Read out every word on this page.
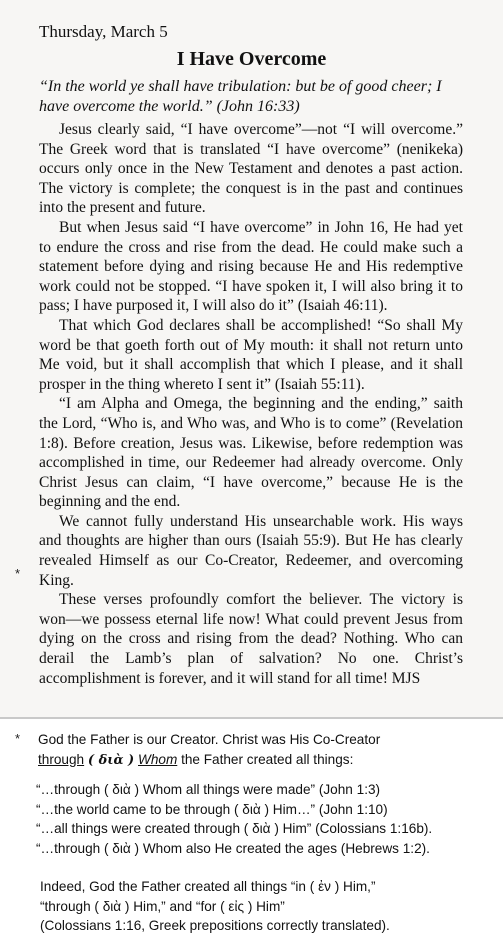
Thursday, March 5
I Have Overcome
“In the world ye shall have tribulation: but be of good cheer; I have overcome the world.” (John 16:33)

Jesus clearly said, “I have overcome”—not “I will overcome.” The Greek word that is translated “I have overcome” (nenikeka) occurs only once in the New Testament and denotes a past action. The victory is complete; the conquest is in the past and continues into the present and future.

But when Jesus said “I have overcome” in John 16, He had yet to endure the cross and rise from the dead. He could make such a statement before dying and rising because He and His redemptive work could not be stopped. “I have spoken it, I will also bring it to pass; I have purposed it, I will also do it” (Isaiah 46:11).

That which God declares shall be accomplished! “So shall My word be that goeth forth out of My mouth: it shall not return unto Me void, but it shall accomplish that which I please, and it shall prosper in the thing whereto I sent it” (Isaiah 55:11).

“I am Alpha and Omega, the beginning and the ending,” saith the Lord, “Who is, and Who was, and Who is to come” (Revelation 1:8). Before creation, Jesus was. Likewise, before redemption was accomplished in time, our Redeemer had already overcome. Only Christ Jesus can claim, “I have overcome,” because He is the beginning and the end.

We cannot fully understand His unsearchable work. His ways and thoughts are higher than ours (Isaiah 55:9). But He has clearly revealed Himself as our Co-Creator, Redeemer, and overcoming King.

These verses profoundly comfort the believer. The victory is won—we possess eternal life now! What could prevent Jesus from dying on the cross and rising from the dead? Nothing. Who can derail the Lamb’s plan of salvation? No one. Christ’s accomplishment is forever, and it will stand for all time! MJS

*
* God the Father is our Creator. Christ was His Co-Creator
through ( διὰ ) Whom the Father created all things:
“…through ( διὰ ) Whom all things were made” (John 1:3)
“…the world came to be through ( διὰ ) Him…” (John 1:10)
“…all things were created through ( διὰ ) Him” (Colossians 1:16b).
“…through ( διὰ ) Whom also He created the ages (Hebrews 1:2).
Indeed, God the Father created all things “in ( ἐν ) Him,”
“through ( διὰ ) Him,” and “for ( εἰς ) Him”
(Colossians 1:16, Greek prepositions correctly translated).
